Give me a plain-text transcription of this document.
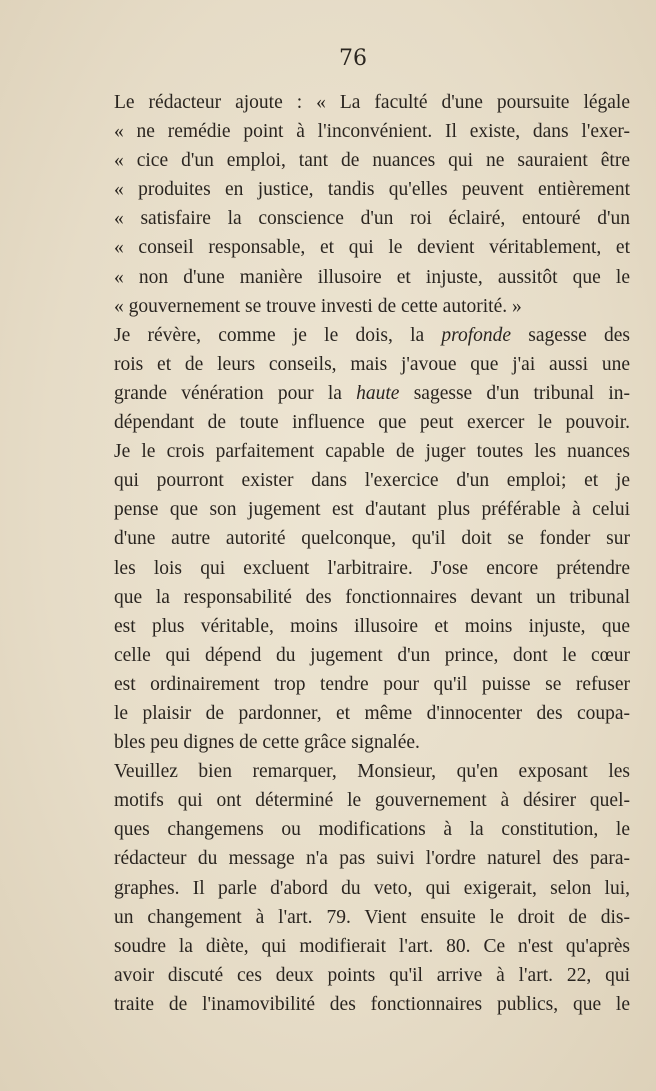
76
Le rédacteur ajoute : « La faculté d'une poursuite légale
« ne remédie point à l'inconvénient. Il existe, dans l'exer-
« cice d'un emploi, tant de nuances qui ne sauraient être
« produites en justice, tandis qu'elles peuvent entièrement
« satisfaire la conscience d'un roi éclairé, entouré d'un
« conseil responsable, et qui le devient véritablement, et
« non d'une manière illusoire et injuste, aussitôt que le
« gouvernement se trouve investi de cette autorité. »
Je révère, comme je le dois, la profonde sagesse des
rois et de leurs conseils, mais j'avoue que j'ai aussi une
grande vénération pour la haute sagesse d'un tribunal in-
dépendant de toute influence que peut exercer le pouvoir.
Je le crois parfaitement capable de juger toutes les nuances
qui pourront exister dans l'exercice d'un emploi; et je
pense que son jugement est d'autant plus préférable à celui
d'une autre autorité quelconque, qu'il doit se fonder sur
les lois qui excluent l'arbitraire. J'ose encore prétendre
que la responsabilité des fonctionnaires devant un tribunal
est plus véritable, moins illusoire et moins injuste, que
celle qui dépend du jugement d'un prince, dont le cœur
est ordinairement trop tendre pour qu'il puisse se refuser
le plaisir de pardonner, et même d'innocenter des coupa-
bles peu dignes de cette grâce signalée.
Veuillez bien remarquer, Monsieur, qu'en exposant les
motifs qui ont déterminé le gouvernement à désirer quel-
ques changemens ou modifications à la constitution, le
rédacteur du message n'a pas suivi l'ordre naturel des para-
graphes. Il parle d'abord du veto, qui exigerait, selon lui,
un changement à l'art. 79. Vient ensuite le droit de dis-
soudre la diète, qui modifierait l'art. 80. Ce n'est qu'après
avoir discuté ces deux points qu'il arrive à l'art. 22, qui
traite de l'inamovibilité des fonctionnaires publics, que le
